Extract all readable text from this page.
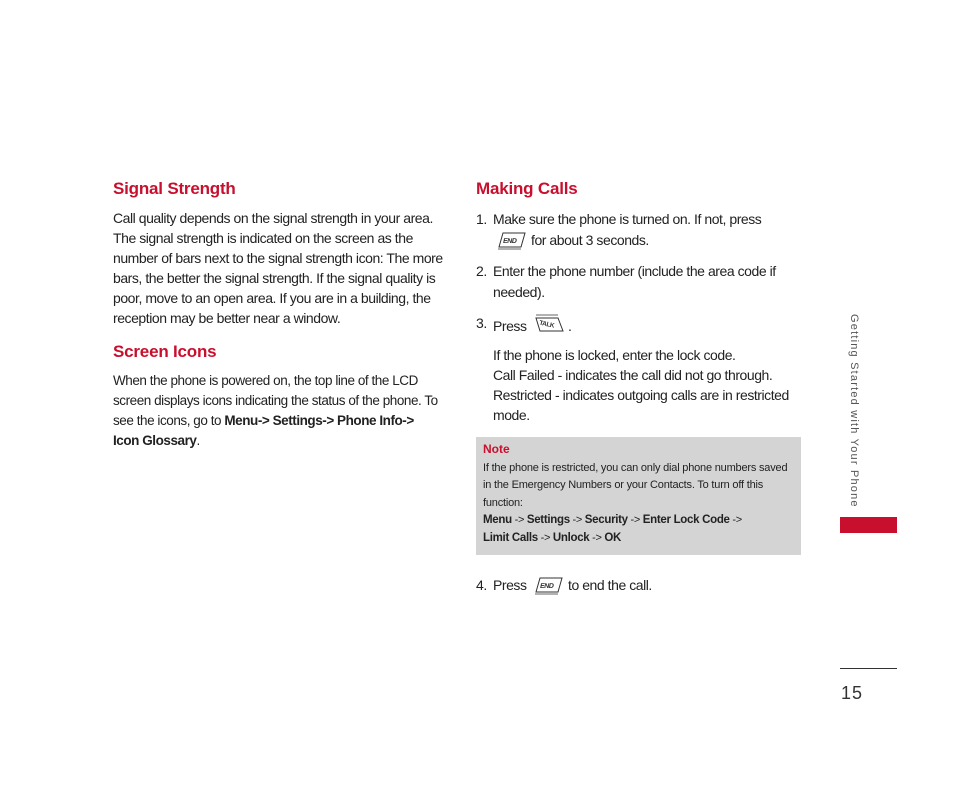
Signal Strength

Call quality depends on the signal strength in your area. The signal strength is indicated on the screen as the number of bars next to the signal strength icon: The more bars, the better the signal strength. If the signal quality is poor, move to an open area. If you are in a building, the reception may be better near a window.

Screen Icons

When the phone is powered on, the top line of the LCD screen displays icons indicating the status of the phone. To see the icons, go to Menu-> Settings-> Phone Info-> Icon Glossary.

Making Calls
1. Make sure the phone is turned on. If not, press

END for about 3 seconds.
2. Enter the phone number (include the area code if needed).
3. Press TALK .
If the phone is locked, enter the lock code.
Call Failed - indicates the call did not go through.
Restricted - indicates outgoing calls are in restricted mode.
Note
If the phone is restricted, you can only dial phone numbers saved in the Emergency Numbers or your Contacts. To turn off this function:
Menu -> Settings -> Security -> Enter Lock Code ->
Limit Calls -> Unlock -> OK
4. Press END to end the call.
Getting Started with Your Phone
15
